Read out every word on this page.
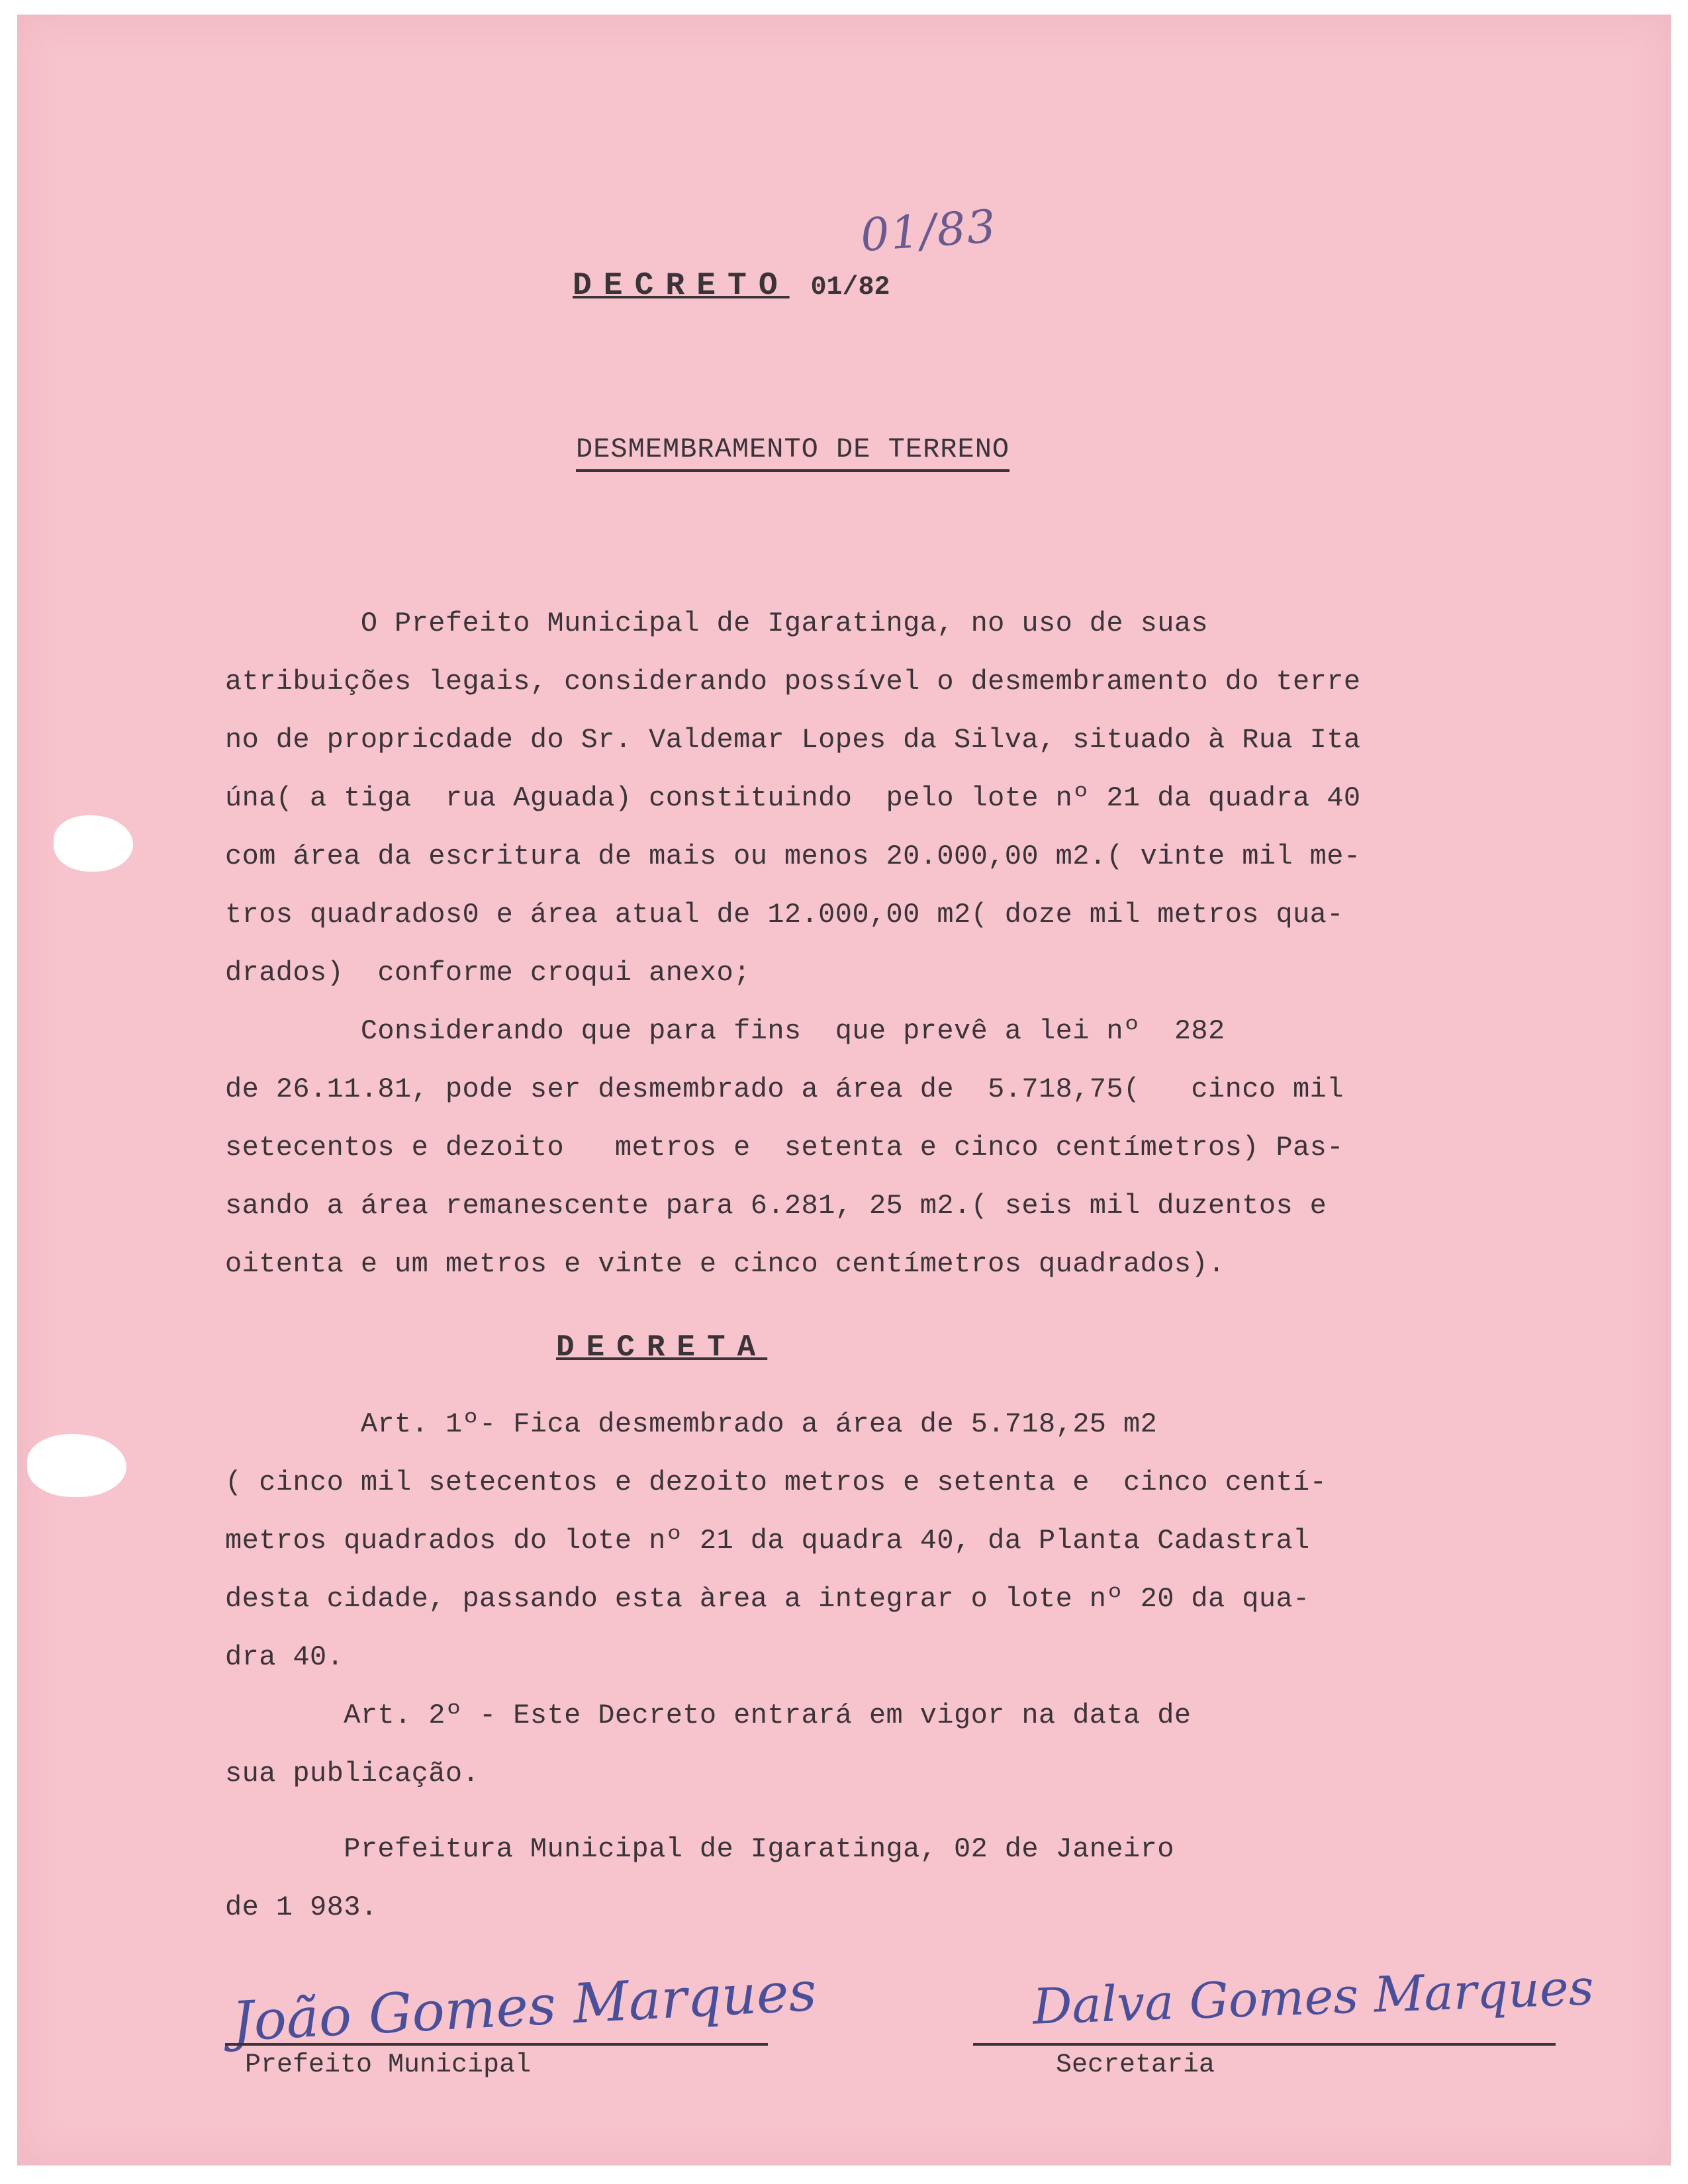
01/83
DECRETO 01/82
DESMEMBRAMENTO DE TERRENO
O Prefeito Municipal de Igaratinga, no uso de suas
atribuições legais, considerando possível o desmembramento do terre
no de propricdade do Sr. Valdemar Lopes da Silva, situado à Rua Ita
úna( a tiga  rua Aguada) constituindo  pelo lote nº 21 da quadra 40
com área da escritura de mais ou menos 20.000,00 m2.( vinte mil me-
tros quadrados0 e área atual de 12.000,00 m2( doze mil metros qua-
drados)  conforme croqui anexo;
Considerando que para fins  que prevê a lei nº  282
de 26.11.81, pode ser desmembrado a área de  5.718,75(   cinco mil
setecentos e dezoito   metros e  setenta e cinco centímetros) Pas-
sando a área remanescente para 6.281, 25 m2.( seis mil duzentos e
oitenta e um metros e vinte e cinco centímetros quadrados).
DECRETA
Art. 1º- Fica desmembrado a área de 5.718,25 m2
( cinco mil setecentos e dezoito metros e setenta e  cinco centí-
metros quadrados do lote nº 21 da quadra 40, da Planta Cadastral
desta cidade, passando esta àrea a integrar o lote nº 20 da qua-
dra 40.
Art. 2º - Este Decreto entrará em vigor na data de
sua publicação.
Prefeitura Municipal de Igaratinga, 02 de Janeiro
de 1 983.
João Gomes Marques
Prefeito Municipal
Dalva Gomes Marques
Secretaria
